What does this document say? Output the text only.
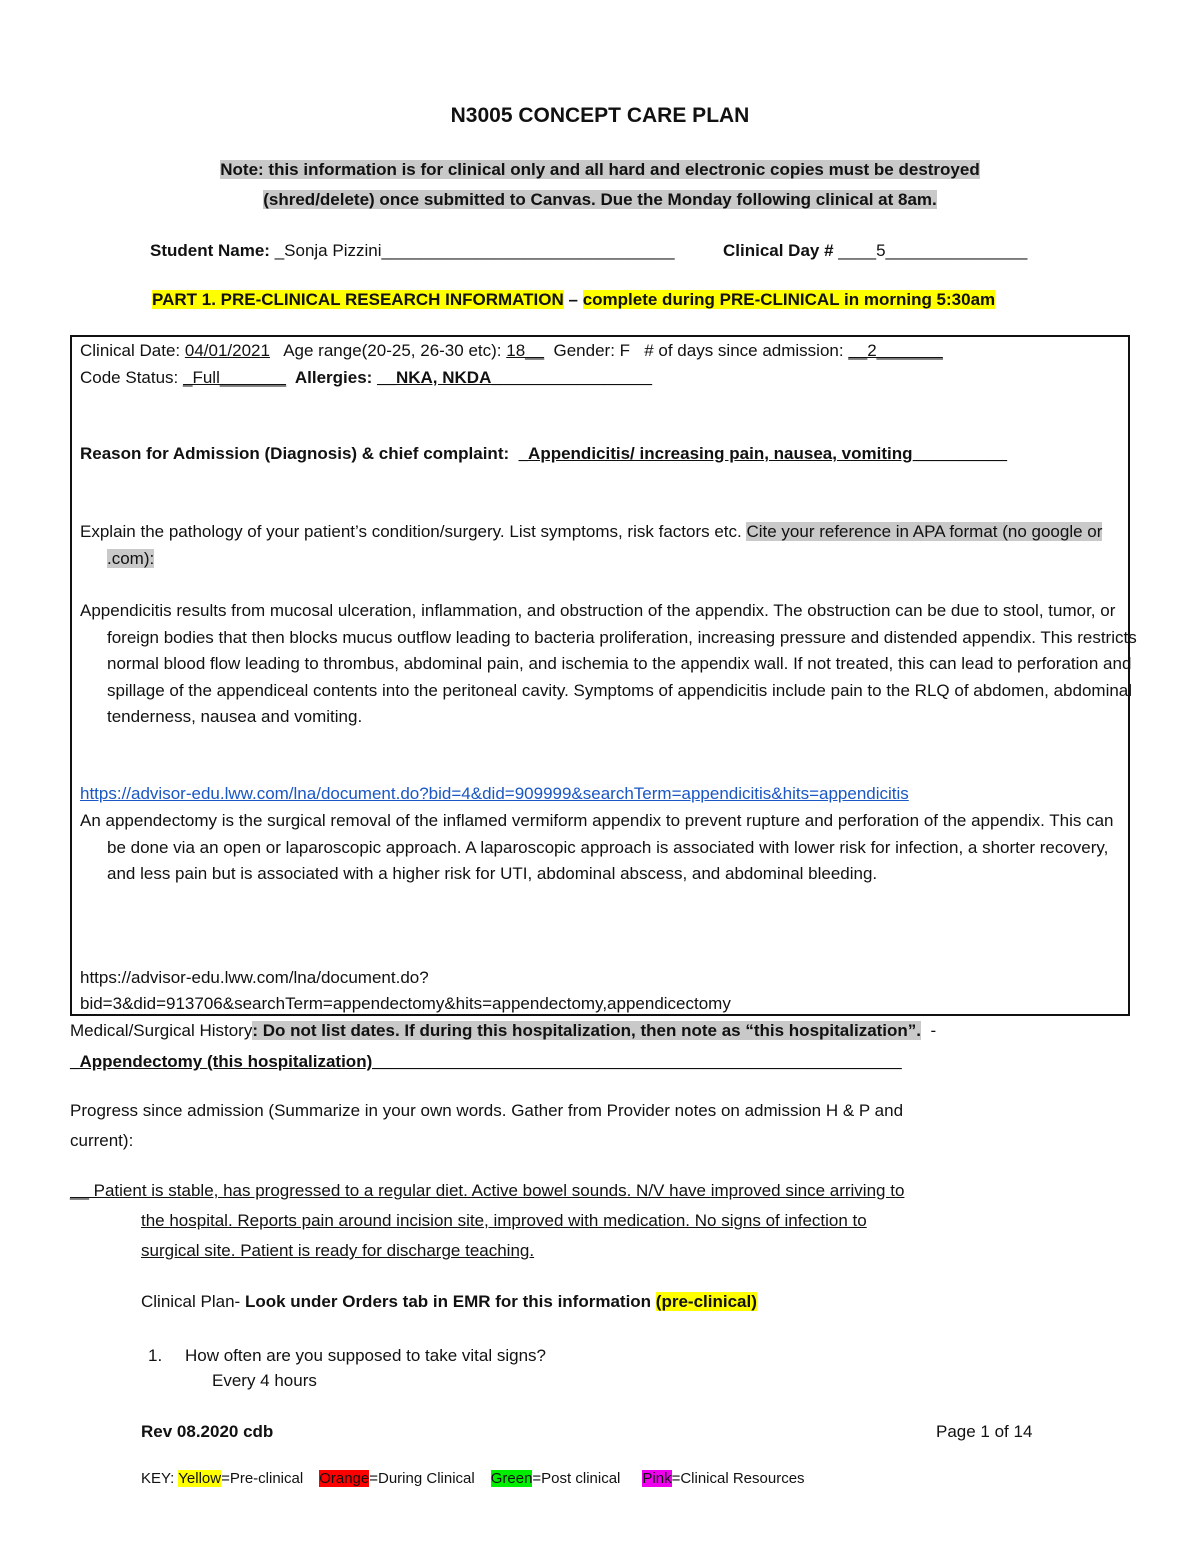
N3005 CONCEPT CARE PLAN
Note: this information is for clinical only and all hard and electronic copies must be destroyed
(shred/delete) once submitted to Canvas. Due the Monday following clinical at 8am.
Student Name: _Sonja Pizzini_______________________________	Clinical Day # ____5_______________
PART 1. PRE-CLINICAL RESEARCH INFORMATION – complete during PRE-CLINICAL in morning 5:30am
Clinical Date: 04/01/2021   Age range(20-25, 26-30 etc): 18__  Gender: F   # of days since admission: __2_______
Code Status: _Full_______  Allergies: __NKA, NKDA_________________
Reason for Admission (Diagnosis) & chief complaint:  _Appendicitis/ increasing pain, nausea, vomiting__________
Explain the pathology of your patient’s condition/surgery. List symptoms, risk factors etc. Cite your reference in APA format (no google or .com):
Appendicitis results from mucosal ulceration, inflammation, and obstruction of the appendix. The obstruction can be due to stool, tumor, or foreign bodies that then blocks mucus outflow leading to bacteria proliferation, increasing pressure and distended appendix. This restricts normal blood flow leading to thrombus, abdominal pain, and ischemia to the appendix wall. If not treated, this can lead to perforation and spillage of the appendiceal contents into the peritoneal cavity. Symptoms of appendicitis include pain to the RLQ of abdomen, abdominal tenderness, nausea and vomiting.
https://advisor-edu.lww.com/lna/document.do?bid=4&did=909999&searchTerm=appendicitis&hits=appendicitis
An appendectomy is the surgical removal of the inflamed vermiform appendix to prevent rupture and perforation of the appendix. This can be done via an open or laparoscopic approach. A laparoscopic approach is associated with lower risk for infection, a shorter recovery, and less pain but is associated with a higher risk for UTI, abdominal abscess, and abdominal bleeding.
https://advisor-edu.lww.com/lna/document.do?
bid=3&did=913706&searchTerm=appendectomy&hits=appendectomy,appendicectomy
Medical/Surgical History: Do not list dates. If during this hospitalization, then note as “this hospitalization”.  -
_Appendectomy (this hospitalization)________________________________________________________
Progress since admission (Summarize in your own words. Gather from Provider notes on admission H & P and
current):
__ Patient is stable, has progressed to a regular diet. Active bowel sounds. N/V have improved since arriving to
the hospital. Reports pain around incision site, improved with medication. No signs of infection to
surgical site. Patient is ready for discharge teaching.
Clinical Plan- Look under Orders tab in EMR for this information (pre-clinical)
1. How often are you supposed to take vital signs?
Every 4 hours
Rev 08.2020 cdb	Page 1 of 14
KEY: Yellow=Pre-clinical Orange=During Clinical Green=Post clinical Pink=Clinical Resources
